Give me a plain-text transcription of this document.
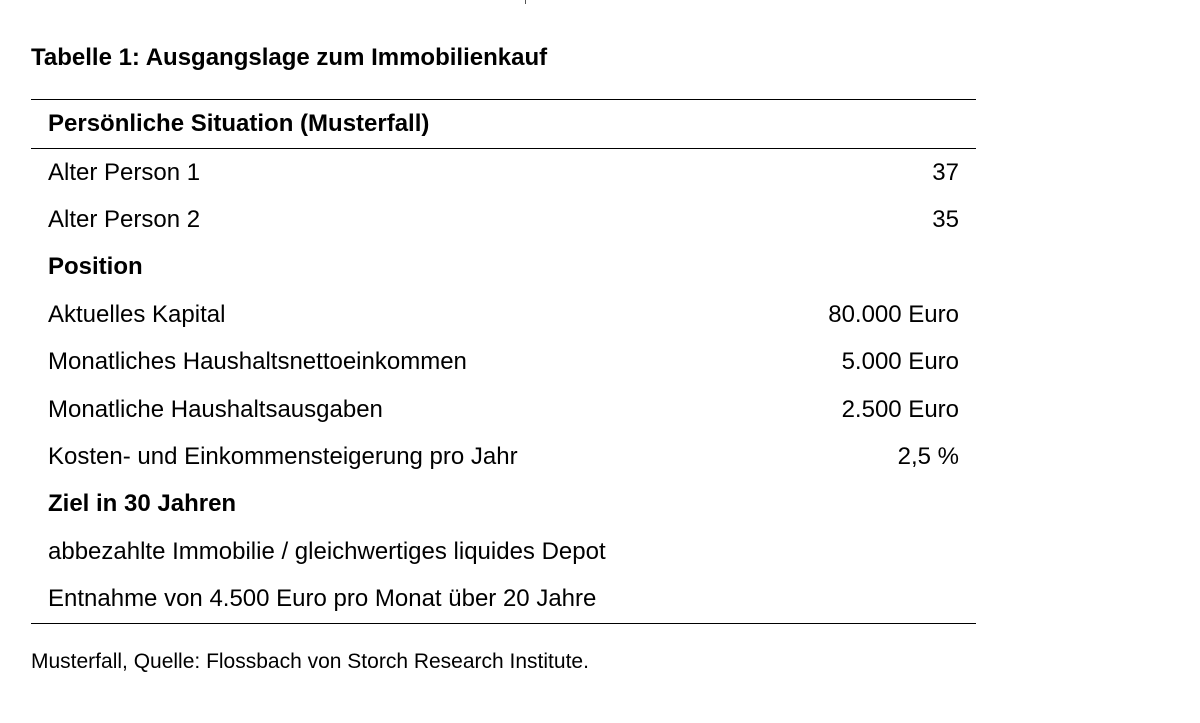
Tabelle 1: Ausgangslage zum Immobilienkauf
Persönliche Situation (Musterfall)
Alter Person 1	37
Alter Person 2	35
Position
Aktuelles Kapital	80.000 Euro
Monatliches Haushaltsnettoeinkommen	5.000 Euro
Monatliche Haushaltsausgaben	2.500 Euro
Kosten- und Einkommensteigerung pro Jahr	2,5 %
Ziel in 30 Jahren
abbezahlte Immobilie / gleichwertiges liquides Depot
Entnahme von 4.500 Euro pro Monat über 20 Jahre
Musterfall, Quelle: Flossbach von Storch Research Institute.
